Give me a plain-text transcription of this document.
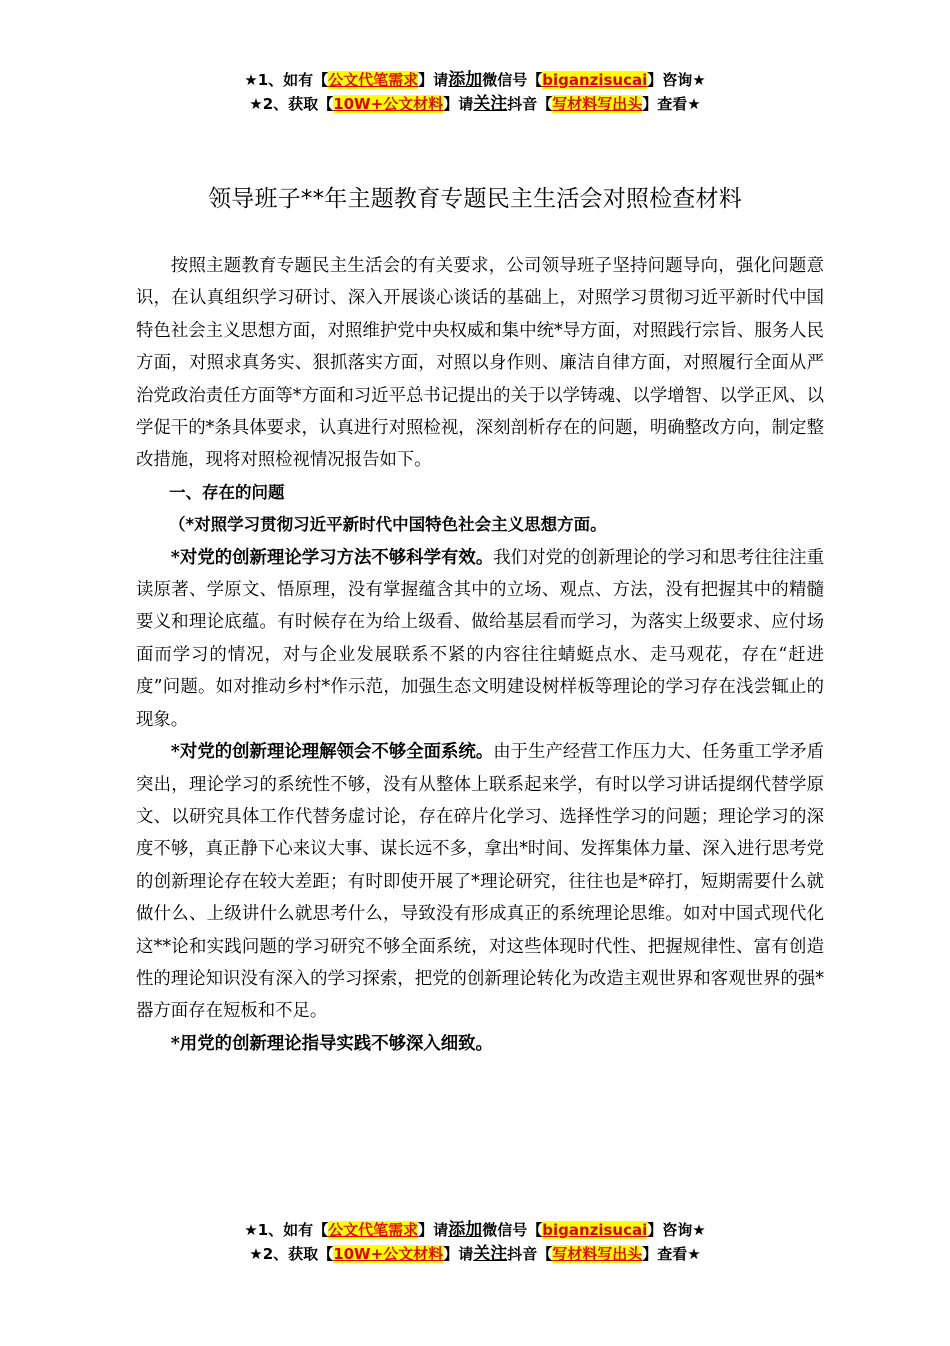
★1、如有【公文代笔需求】请添加微信号【biganzisucai】咨询★
★2、获取【10W+公文材料】请关注抖音【写材料写出头】查看★
领导班子**年主题教育专题民主生活会对照检查材料

按照主题教育专题民主生活会的有关要求，公司领导班子坚持问题导向，强化问题意识，在认真组织学习研讨、深入开展谈心谈话的基础上，对照学习贯彻习近平新时代中国特色社会主义思想方面，对照维护党中央权威和集中统*导方面，对照践行宗旨、服务人民方面，对照求真务实、狠抓落实方面，对照以身作则、廉洁自律方面，对照履行全面从严治党政治责任方面等*方面和习近平总书记提出的关于以学铸魂、以学增智、以学正风、以学促干的*条具体要求，认真进行对照检视，深刻剖析存在的问题，明确整改方向，制定整改措施，现将对照检视情况报告如下。

一、存在的问题

（*对照学习贯彻习近平新时代中国特色社会主义思想方面。

*对党的创新理论学习方法不够科学有效。我们对党的创新理论的学习和思考往往注重读原著、学原文、悟原理，没有掌握蕴含其中的立场、观点、方法，没有把握其中的精髓要义和理论底蕴。有时候存在为给上级看、做给基层看而学习，为落实上级要求、应付场面而学习的情况，对与企业发展联系不紧的内容往往蜻蜓点水、走马观花，存在“赶进度”问题。如对推动乡村*作示范，加强生态文明建设树样板等理论的学习存在浅尝辄止的现象。

*对党的创新理论理解领会不够全面系统。由于生产经营工作压力大、任务重工学矛盾突出，理论学习的系统性不够，没有从整体上联系起来学，有时以学习讲话提纲代替学原文、以研究具体工作代替务虚讨论，存在碎片化学习、选择性学习的问题；理论学习的深度不够，真正静下心来议大事、谋长远不多，拿出*时间、发挥集体力量、深入进行思考党的创新理论存在较大差距；有时即使开展了*理论研究，往往也是*碎打，短期需要什么就做什么、上级讲什么就思考什么，导致没有形成真正的系统理论思维。如对中国式现代化这**论和实践问题的学习研究不够全面系统，对这些体现时代性、把握规律性、富有创造性的理论知识没有深入的学习探索，把党的创新理论转化为改造主观世界和客观世界的强*器方面存在短板和不足。

*用党的创新理论指导实践不够深入细致。

★1、如有【公文代笔需求】请添加微信号【biganzisucai】咨询★
★2、获取【10W+公文材料】请关注抖音【写材料写出头】查看★
